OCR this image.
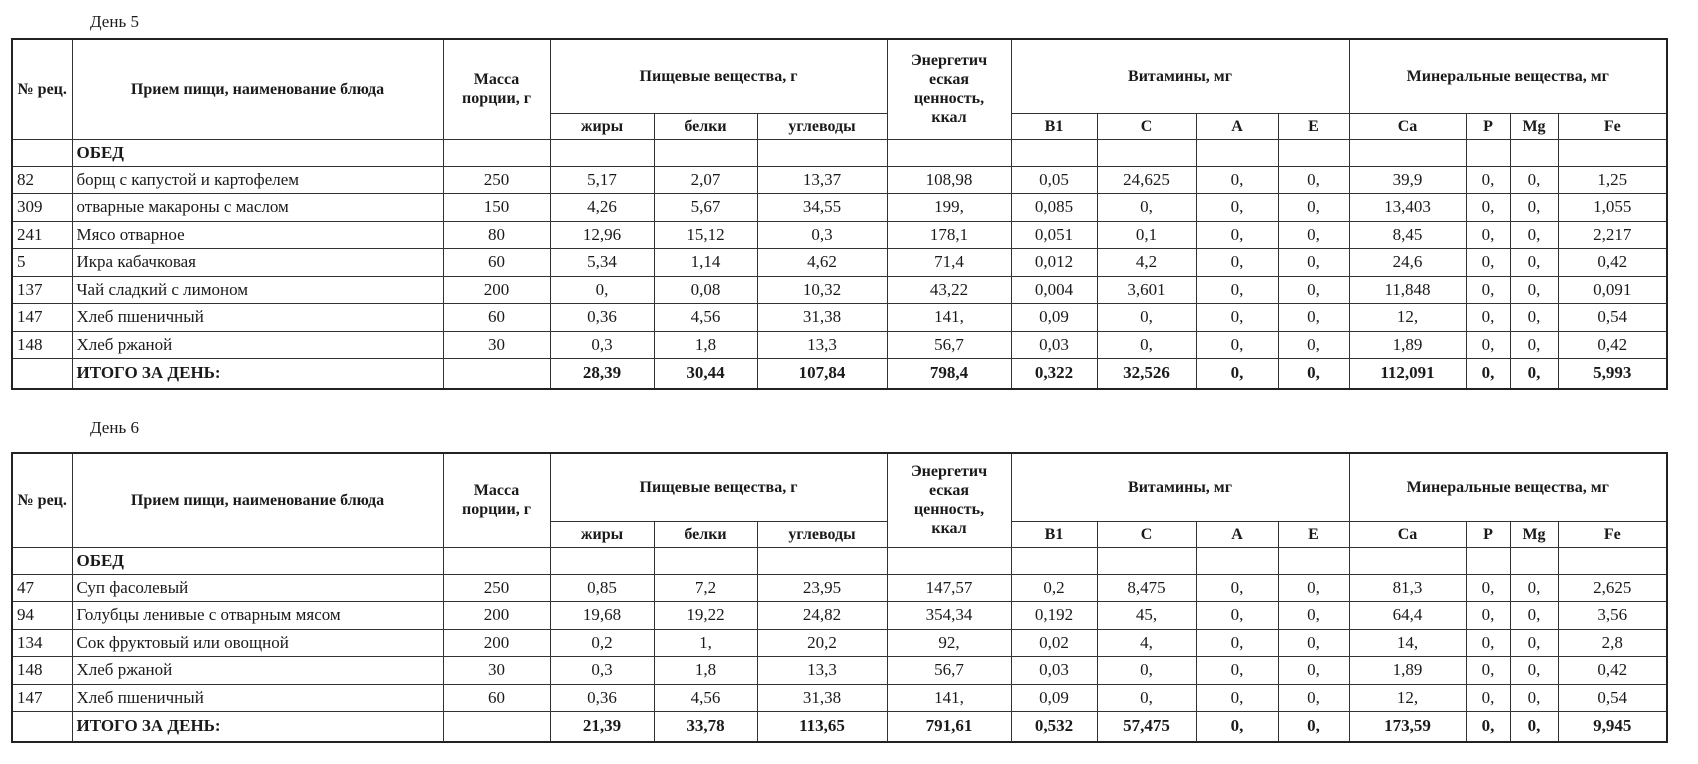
День 5
№ рец.	Прием пищи, наименование блюда	Масса порции, г	Пищевые вещества, г			Энергетич
еская
ценность,
ккал	Витамины, мг				Минеральные вещества, мг			
			жиры	белки	углеводы		B1	C	A	E	Ca	P	Mg	Fe
	ОБЕД													
82	борщ с капустой и картофелем	250	5,17	2,07	13,37	108,98	0,05	24,625	0,	0,	39,9	0,	0,	1,25
309	отварные макароны с маслом	150	4,26	5,67	34,55	199,	0,085	0,	0,	0,	13,403	0,	0,	1,055
241	Мясо отварное	80	12,96	15,12	0,3	178,1	0,051	0,1	0,	0,	8,45	0,	0,	2,217
5	Икра кабачковая	60	5,34	1,14	4,62	71,4	0,012	4,2	0,	0,	24,6	0,	0,	0,42
137	Чай сладкий с лимоном	200	0,	0,08	10,32	43,22	0,004	3,601	0,	0,	11,848	0,	0,	0,091
147	Хлеб пшеничный	60	0,36	4,56	31,38	141,	0,09	0,	0,	0,	12,	0,	0,	0,54
148	Хлеб ржаной	30	0,3	1,8	13,3	56,7	0,03	0,	0,	0,	1,89	0,	0,	0,42
	ИТОГО ЗА ДЕНЬ:		28,39	30,44	107,84	798,4	0,322	32,526	0,	0,	112,091	0,	0,	5,993
День 6
№ рец.	Прием пищи, наименование блюда	Масса порции, г	Пищевые вещества, г			Энергетич
еская
ценность,
ккал	Витамины, мг				Минеральные вещества, мг			
			жиры	белки	углеводы		B1	C	A	E	Ca	P	Mg	Fe
	ОБЕД													
47	Суп фасолевый	250	0,85	7,2	23,95	147,57	0,2	8,475	0,	0,	81,3	0,	0,	2,625
94	Голубцы ленивые с отварным мясом	200	19,68	19,22	24,82	354,34	0,192	45,	0,	0,	64,4	0,	0,	3,56
134	Сок фруктовый или овощной	200	0,2	1,	20,2	92,	0,02	4,	0,	0,	14,	0,	0,	2,8
148	Хлеб ржаной	30	0,3	1,8	13,3	56,7	0,03	0,	0,	0,	1,89	0,	0,	0,42
147	Хлеб пшеничный	60	0,36	4,56	31,38	141,	0,09	0,	0,	0,	12,	0,	0,	0,54
	ИТОГО ЗА ДЕНЬ:		21,39	33,78	113,65	791,61	0,532	57,475	0,	0,	173,59	0,	0,	9,945
